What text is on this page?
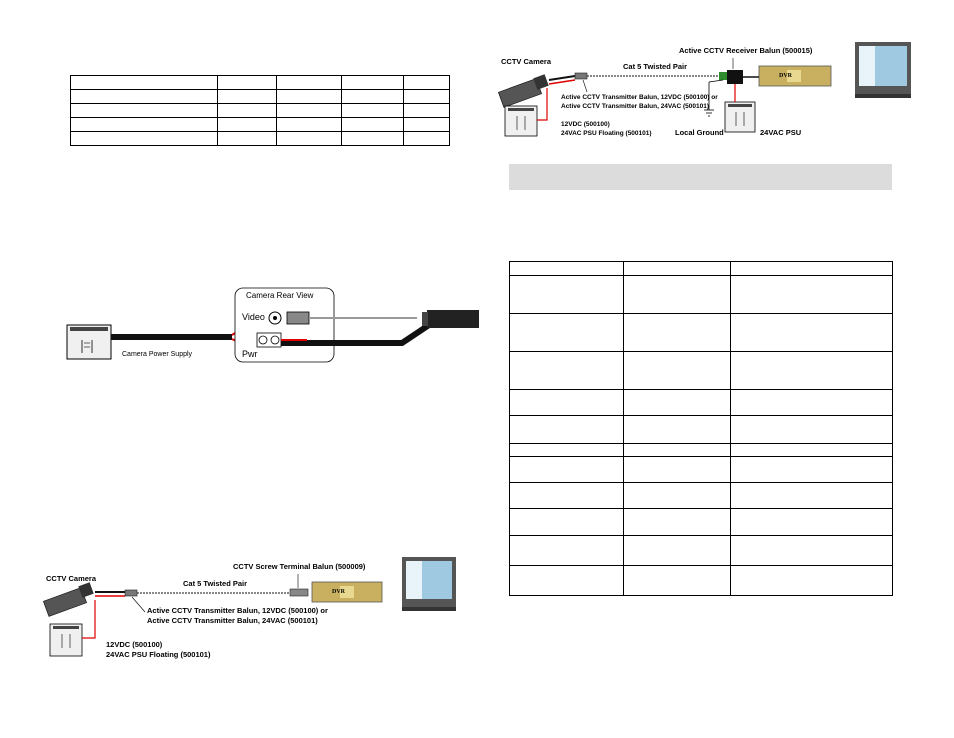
Camera Rear View
Video
Pwr
Camera Power Supply
CCTV Camera
Cat 5 Twisted Pair
CCTV Screw Terminal Balun (500009)
Active CCTV Transmitter Balun, 12VDC (500100) or
Active CCTV Transmitter Balun, 24VAC (500101)
12VDC (500100)
24VAC PSU Floating (500101)
DVR
CCTV Camera
Cat 5 Twisted Pair
Active CCTV Receiver Balun (500015)
Active CCTV Transmitter Balun, 12VDC (500100) or
Active CCTV Transmitter Balun, 24VAC (500101)
12VDC (500100)
24VAC PSU Floating (500101)	Local Ground	24VAC PSU
DVR
